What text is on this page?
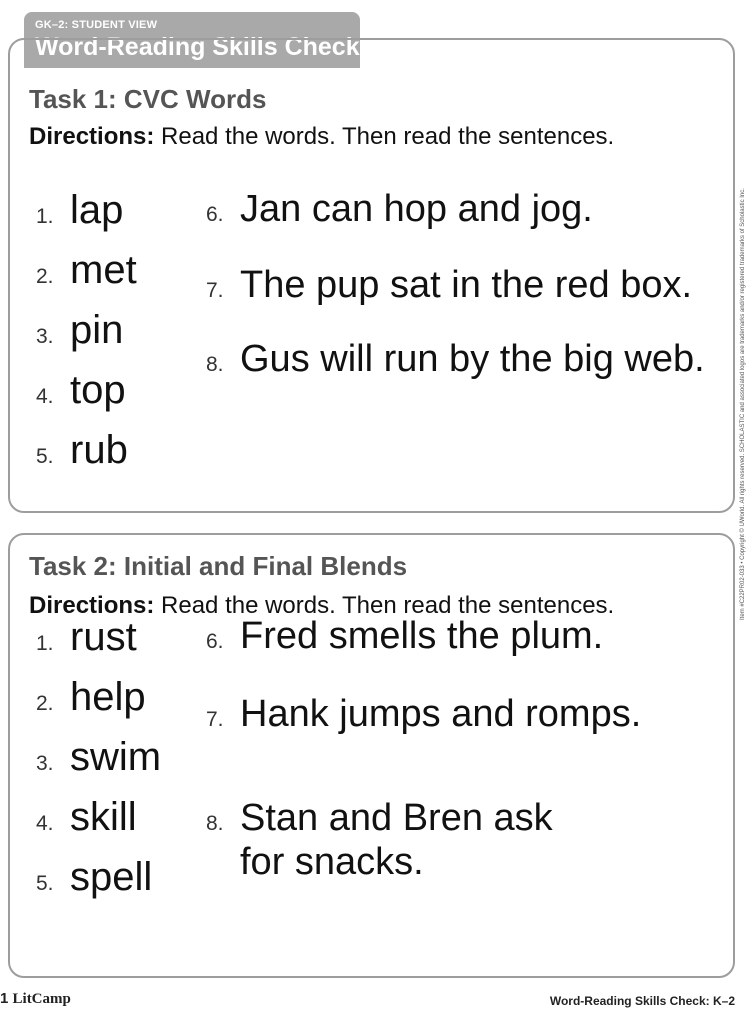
GK–2: STUDENT VIEW
Word-Reading Skills Check
Task 1: CVC Words
Directions: Read the words. Then read the sentences.
1. lap
2. met
3. pin
4. top
5. rub
6. Jan can hop and jog.
7. The pup sat in the red box.
8. Gus will run by the big web.
Task 2: Initial and Final Blends
Directions: Read the words. Then read the sentences.
1. rust
2. help
3. swim
4. skill
5. spell
6. Fred smells the plum.
7. Hank jumps and romps.
8. Stan and Bren ask
for snacks.
Item #C22PR02-033 • Copyright © UWorld. All rights reserved. SCHOLASTIC and associated logos are trademarks and/or registered trademarks of Scholastic Inc.
1 LitCamp	Word-Reading Skills Check: K–2
